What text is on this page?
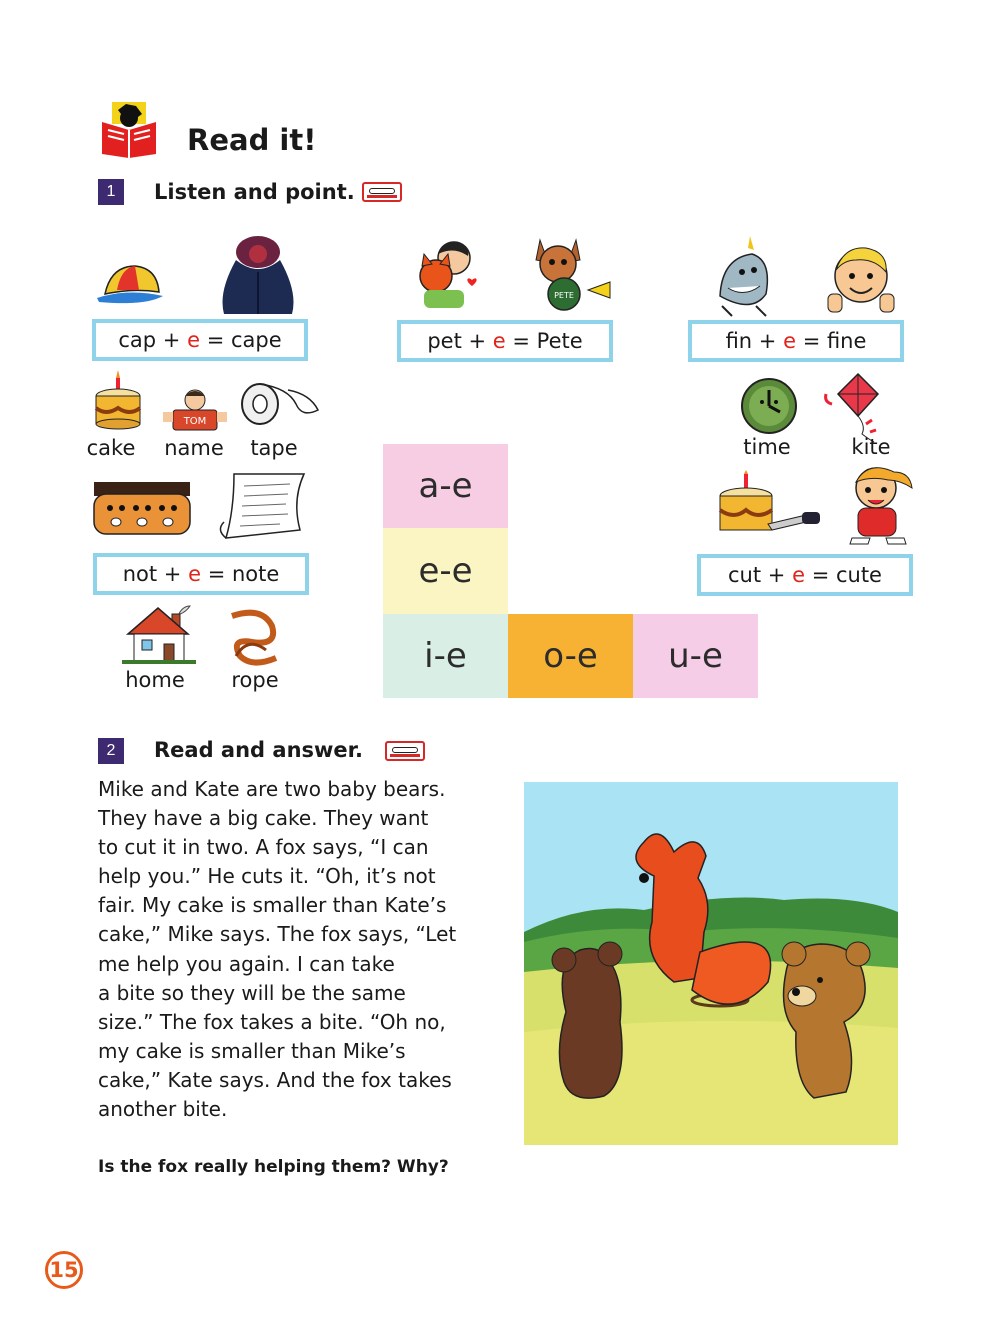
Read it!
1	Listen and point.
cap + e = cape
PETE
pet + e = Pete	fin + e = fine
TOM
cake	name	tape	time	kite
not + e = note	cut + e = cute
home	rope
a-e
e-e
i-e	o-e	u-e
2	Read and answer.

Mike and Kate are two baby bears.

They have a big cake. They want

to cut it in two. A fox says, “I can

help you.” He cuts it. “Oh, it’s not

fair. My cake is smaller than Kate’s

cake,” Mike says. The fox says, “Let

me help you again. I can take

a bite so they will be the same

size.” The fox takes a bite. “Oh no,

my cake is smaller than Mike’s

cake,” Kate says. And the fox takes

another bite.

Is the fox really helping them? Why?
15
